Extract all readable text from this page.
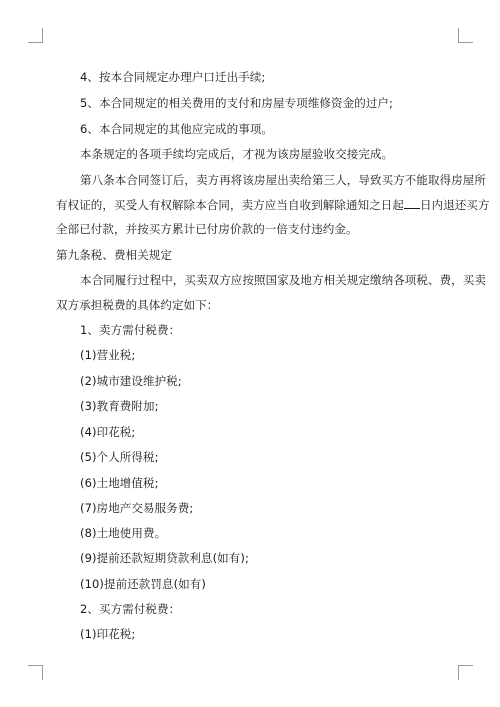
4、按本合同规定办理户口迁出手续;
5、本合同规定的相关费用的支付和房屋专项维修资金的过户;
6、本合同规定的其他应完成的事项。
本条规定的各项手续均完成后，才视为该房屋验收交接完成。
第八条本合同签订后，卖方再将该房屋出卖给第三人，导致买方不能取得房屋所
有权证的，买受人有权解除本合同，卖方应当自收到解除通知之日起 日内退还买方
全部已付款，并按买方累计已付房价款的一倍支付违约金。
第九条税、费相关规定
本合同履行过程中，买卖双方应按照国家及地方相关规定缴纳各项税、费，买卖
双方承担税费的具体约定如下：
1、卖方需付税费：
(1)营业税;
(2)城市建设维护税;
(3)教育费附加;
(4)印花税;
(5)个人所得税;
(6)土地增值税;
(7)房地产交易服务费;
(8)土地使用费。
(9)提前还款短期贷款利息(如有);
(10)提前还款罚息(如有)
2、买方需付税费：
(1)印花税;
